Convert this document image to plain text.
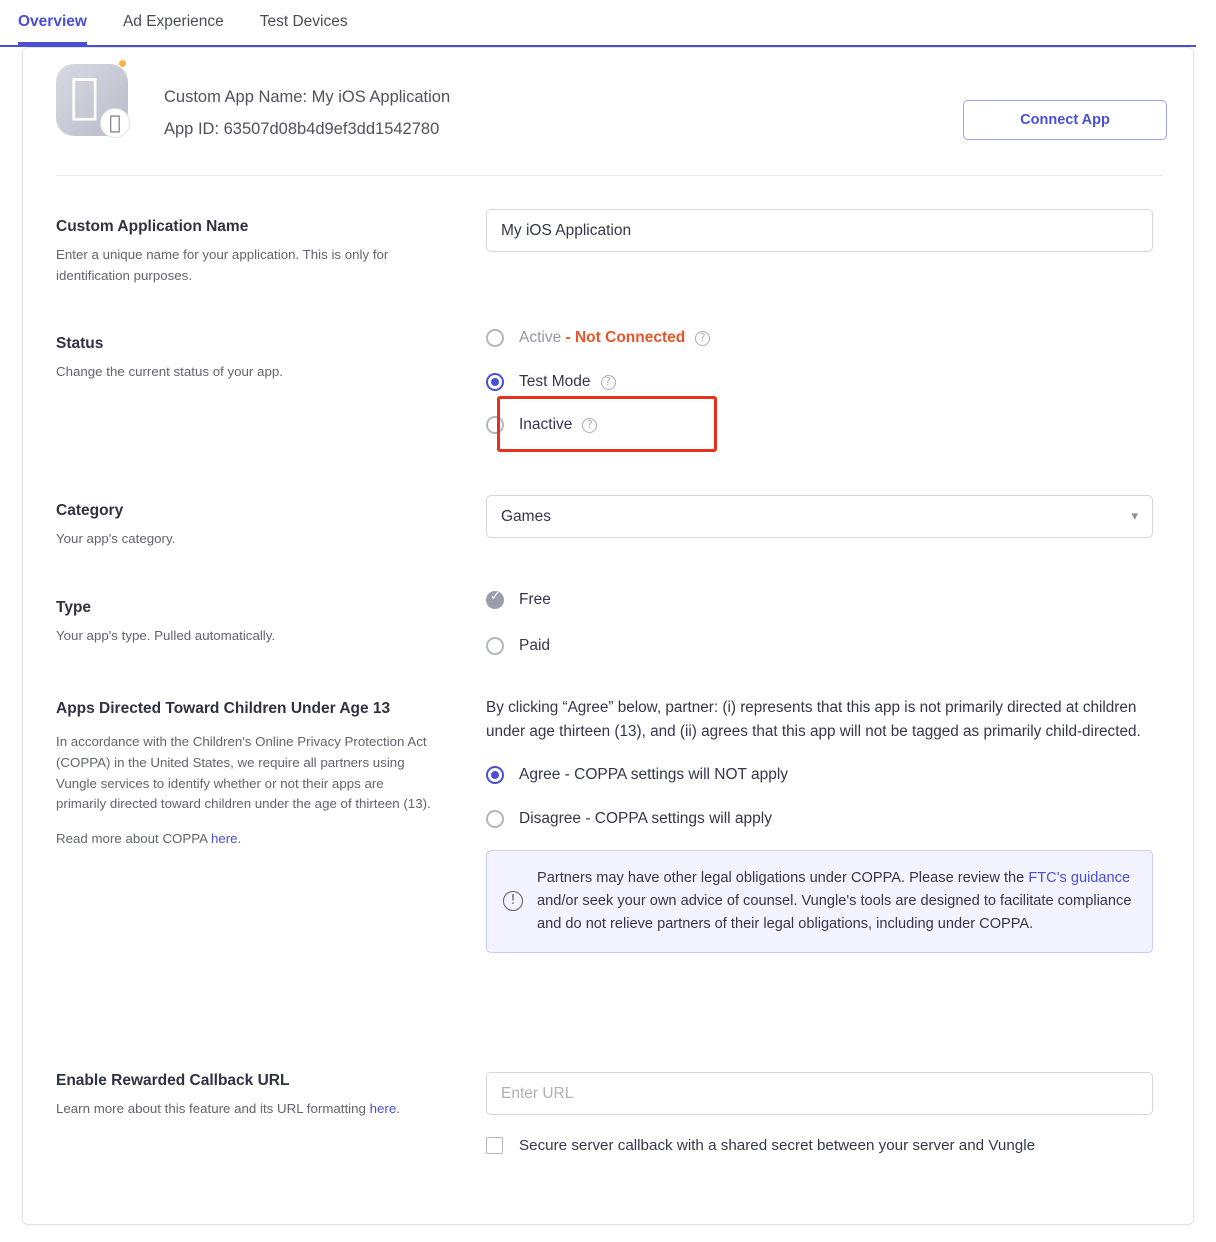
Overview Ad Experience Test Devices
Custom App Name: My iOS Application
App ID: 63507d08b4d9ef3dd1542780	Connect App
Custom Application Name
Enter a unique name for your application. This is only for identification purposes.
My iOS Application
Status
Change the current status of your app.
Active - Not Connected	?
Test Mode	?
Inactive	?
Category
Your app's category.
Games	▾
Type
Your app's type. Pulled automatically.
✓
Free
Paid
Apps Directed Toward Children Under Age 13
In accordance with the Children's Online Privacy Protection Act (COPPA) in the United States, we require all partners using Vungle services to identify whether or not their apps are primarily directed toward children under the age of thirteen (13).
Read more about COPPA here.
By clicking “Agree” below, partner: (i) represents that this app is not primarily directed at children under age thirteen (13), and (ii) agrees that this app will not be tagged as primarily child-directed.
Agree - COPPA settings will NOT apply
Disagree - COPPA settings will apply
!
Partners may have other legal obligations under COPPA. Please review the FTC's guidance and/or seek your own advice of counsel. Vungle's tools are designed to facilitate compliance and do not relieve partners of their legal obligations, including under COPPA.
Enable Rewarded Callback URL
Learn more about this feature and its URL formatting here.
Enter URL
Secure server callback with a shared secret between your server and Vungle
